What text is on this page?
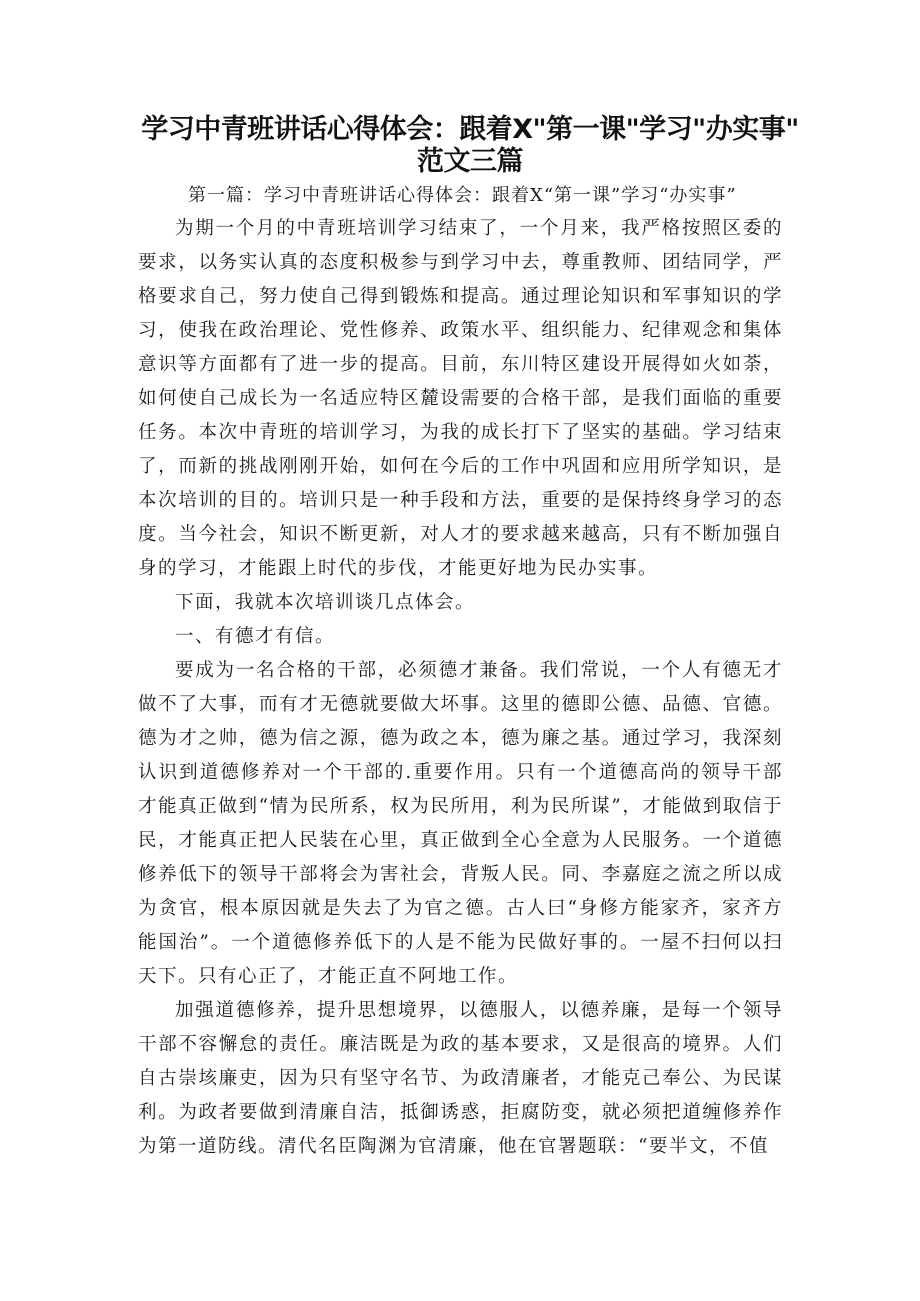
学习中青班讲话心得体会：跟着X"第一课"学习"办实事"
范文三篇
第一篇：学习中青班讲话心得体会：跟着X“第一课”学习“办实事”

为期一个月的中青班培训学习结束了，一个月来，我严格按照区委的要求，以务实认真的态度积极参与到学习中去，尊重教师、团结同学，严格要求自己，努力使自己得到锻炼和提高。通过理论知识和军事知识的学习，使我在政治理论、党性修养、政策水平、组织能力、纪律观念和集体意识等方面都有了进一步的提高。目前，东川特区建设开展得如火如荼，如何使自己成长为一名适应特区麓设需要的合格干部，是我们面临的重要任务。本次中青班的培训学习，为我的成长打下了坚实的基础。学习结束了，而新的挑战刚刚开始，如何在今后的工作中巩固和应用所学知识，是本次培训的目的。培训只是一种手段和方法，重要的是保持终身学习的态度。当今社会，知识不断更新，对人才的要求越来越高，只有不断加强自身的学习，才能跟上时代的步伐，才能更好地为民办实事。

下面，我就本次培训谈几点体会。

一、有德才有信。

要成为一名合格的干部，必须德才兼备。我们常说，一个人有德无才做不了大事，而有才无德就要做大坏事。这里的德即公德、品德、官德。德为才之帅，德为信之源，德为政之本，德为廉之基。通过学习，我深刻认识到道德修养对一个干部的.重要作用。只有一个道德高尚的领导干部才能真正做到“情为民所系，权为民所用，利为民所谋”，才能做到取信于民，才能真正把人民装在心里，真正做到全心全意为人民服务。一个道德修养低下的领导干部将会为害社会，背叛人民。同、李嘉庭之流之所以成为贪官，根本原因就是失去了为官之德。古人曰“身修方能家齐，家齐方能国治”。一个道德修养低下的人是不能为民做好事的。一屋不扫何以扫天下。只有心正了，才能正直不阿地工作。

加强道德修养，提升思想境界，以德服人，以德养廉，是每一个领导干部不容懈怠的责任。廉洁既是为政的基本要求，又是很高的境界。人们自古崇垓廉吏，因为只有坚守名节、为政清廉者，才能克己奉公、为民谋利。为政者要做到清廉自洁，抵御诱惑，拒腐防变，就必须把道缠修养作为第一道防线。清代名臣陶渊为官清廉，他在官署题联：“要半文，不值
